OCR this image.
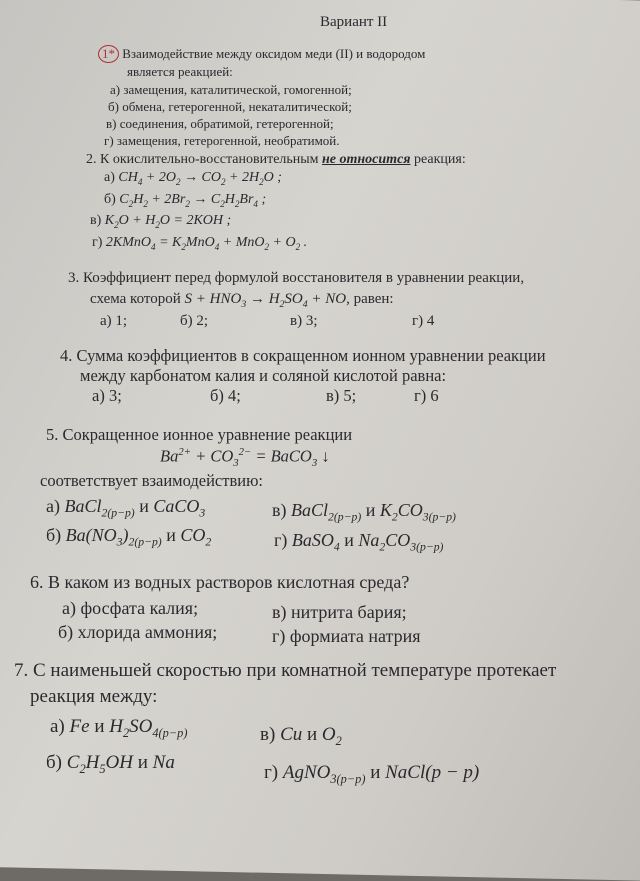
Вариант II
1* Взаимодействие между оксидом меди (II) и водородом
является реакцией:
а) замещения, каталитической, гомогенной;
б) обмена, гетерогенной, некаталитической;
в) соединения, обратимой, гетерогенной;
г) замещения, гетерогенной, необратимой.
2. К окислительно-восстановительным не относится реакция:
а) $CH_4 + 2O_2 \to CO_2 + 2H_2O$ ;
б) $C_2H_2 + 2Br_2 \to C_2H_2Br_4$ ;
в) $K_2O + H_2O = 2KOH$ ;
г) 2KMnO$_4$ = $K_2MnO_4 + MnO_2 + O_2$ .
3. Коэффициент перед формулой восстановителя в уравнении реакции,
схема которой $S + HNO_3 \to H_2SO_4$ + NO, равен:
а) 1;	б) 2;	в) 3;	г) 4
4. Сумма коэффициентов в сокращенном ионном уравнении реакции
между карбонатом калия и соляной кислотой равна:
а) 3;	б) 4;	в) 5;	г) 6
5. Сокращенное ионное уравнение реакции
$Ba^{2+} + CO_3^{2-}$ = BaCO$_3$ ↓
соответствует взаимодействию:
а) BaCl$_{2(p-p)}$ и CaCO$_3$	в) BaCl$_{2(p-p)}$ и $K_2CO_{3(p-p)}$
б) $Ba(NO_3)_{2(p-p)}$ и $CO_2$	г) BaSO$_4$ и $Na_2CO_{3(p-p)}$
6. В каком из водных растворов кислотная среда?
а) фосфата калия;	в) нитрита бария;
б) хлорида аммония;	г) формиата натрия
7. С наименьшей скоростью при комнатной температуре протекает
реакция между:
а) Fe и $H_2SO_{4(p-p)}$	в) Cu и $O_2$
б) $C_2H_5OH$ и Na	г) AgNO$_{3(p-p)}$ и NaCl(p − p)
